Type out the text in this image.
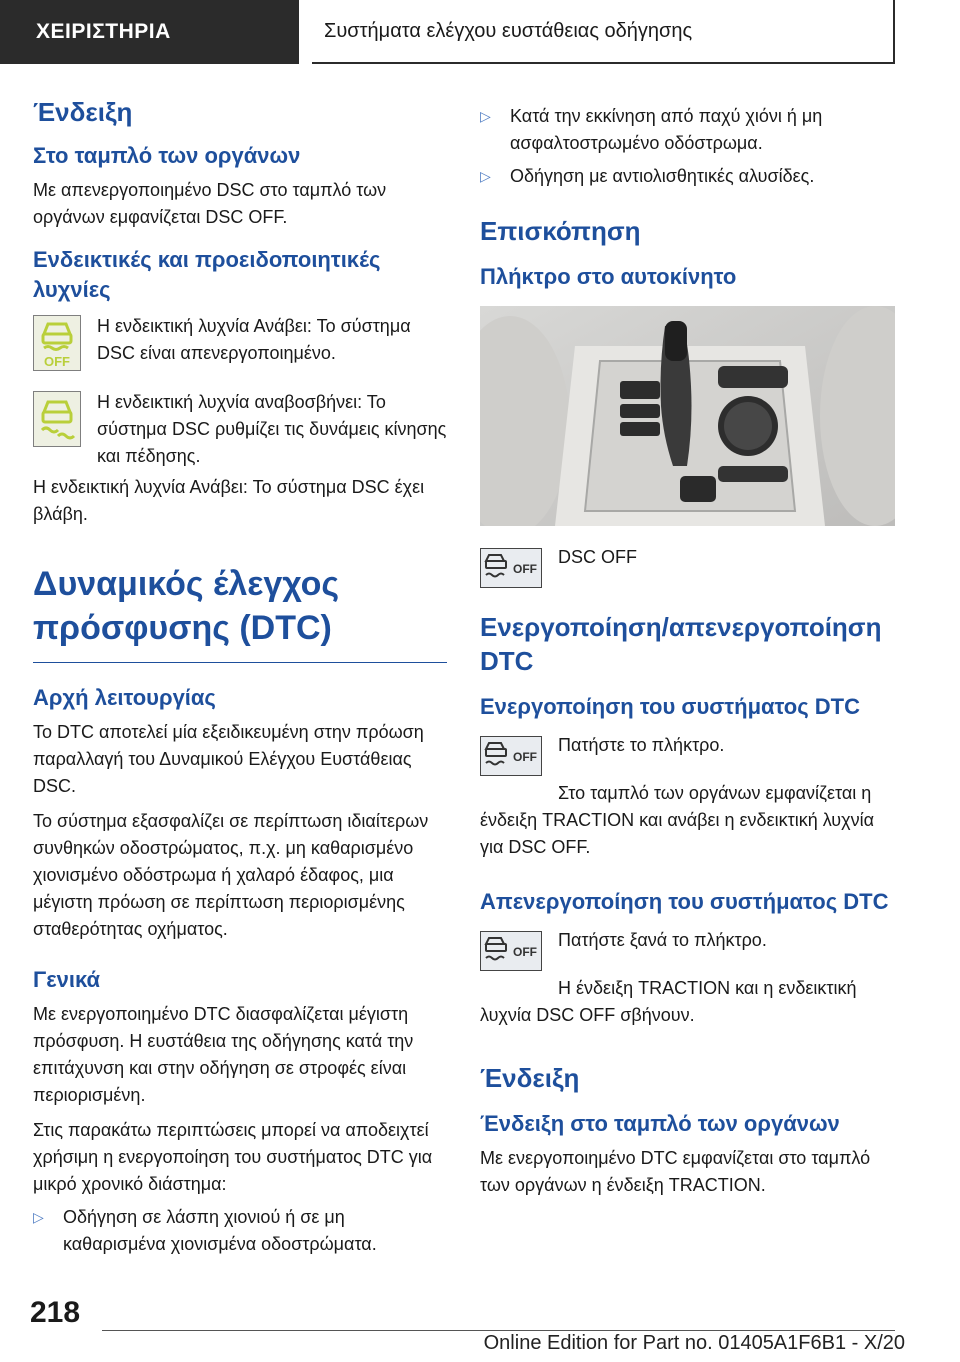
ΧΕΙΡΙΣΤΗΡΙΑ	Συστήματα ελέγχου ευστάθειας οδήγησης
Ένδειξη
Στο ταμπλό των οργάνων

Με απενεργοποιημένο DSC στο ταμπλό των οργάνων εμφανίζεται DSC OFF.

Ενδεικτικές και προειδοποιητικές λυχνίες
OFF

Η ενδεικτική λυχνία Ανάβει: Το σύστημα DSC είναι απενεργοποιημένο.

Η ενδεικτική λυχνία αναβοσβήνει: Το σύστημα DSC ρυθμίζει τις δυνάμεις κίνησης και πέδησης.

Η ενδεικτική λυχνία Ανάβει: Το σύστημα DSC έχει βλάβη.

Δυναμικός έλεγχος πρόσφυσης (DTC)
Αρχή λειτουργίας

Το DTC αποτελεί μία εξειδικευμένη στην πρόωση παραλλαγή του Δυναμικού Ελέγχου Ευστάθειας DSC.

Το σύστημα εξασφαλίζει σε περίπτωση ιδιαίτερων συνθηκών οδοστρώματος, π.χ. μη καθαρισμένο χιονισμένο οδόστρωμα ή χαλαρό έδαφος, μια μέγιστη πρόωση σε περίπτωση περιορισμένης σταθερότητας οχήματος.

Γενικά

Με ενεργοποιημένο DTC διασφαλίζεται μέγιστη πρόσφυση. Η ευστάθεια της οδήγησης κατά την επιτάχυνση και στην οδήγηση σε στροφές είναι περιορισμένη.

Στις παρακάτω περιπτώσεις μπορεί να αποδειχτεί χρήσιμη η ενεργοποίηση του συστήματος DTC για μικρό χρονικό διάστημα:

▷	Οδήγηση σε λάσπη χιονιού ή σε μη καθαρισμένα χιονισμένα οδοστρώματα.

▷	Κατά την εκκίνηση από παχύ χιόνι ή μη ασφαλτοστρωμένο οδόστρωμα.

▷	Οδήγηση με αντιολισθητικές αλυσίδες.

Επισκόπηση
Πλήκτρο στο αυτοκίνητο
OFF

DSC OFF

Ενεργοποίηση/απενεργοποίηση DTC
Ενεργοποίηση του συστήματος DTC
OFF

Πατήστε το πλήκτρο.

Στο ταμπλό των οργάνων εμφανίζεται η ένδειξη TRACTION και ανάβει η ενδεικτική λυχνία για DSC OFF.

Απενεργοποίηση του συστήματος DTC
OFF

Πατήστε ξανά το πλήκτρο.

Η ένδειξη TRACTION και η ενδεικτική λυχνία DSC OFF σβήνουν.

Ένδειξη
Ένδειξη στο ταμπλό των οργάνων

Με ενεργοποιημένο DTC εμφανίζεται στο ταμπλό των οργάνων η ένδειξη TRACTION.

218
Online Edition for Part no. 01405A1F6B1 - X/20
